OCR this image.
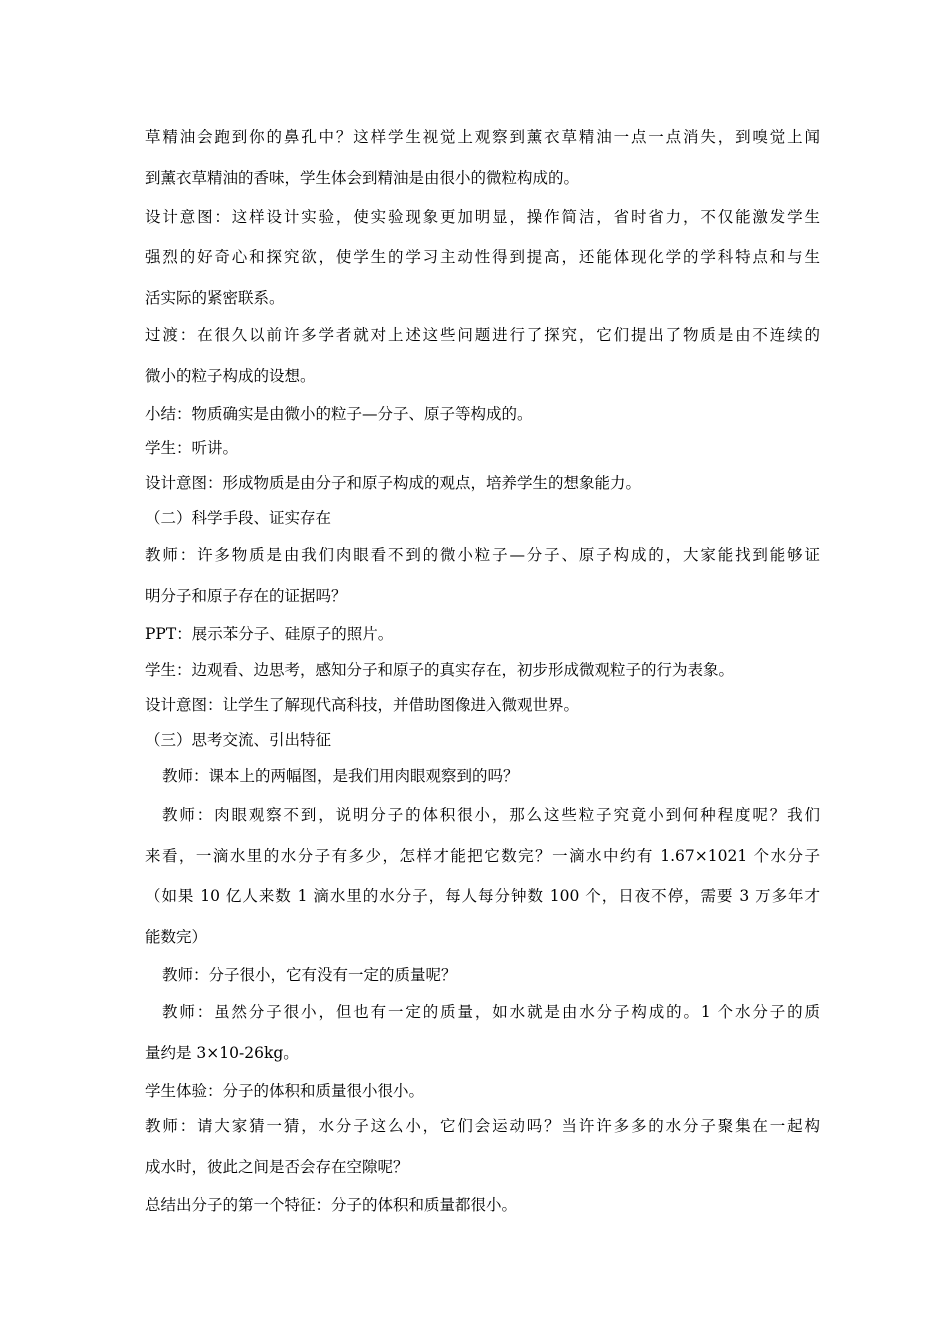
草精油会跑到你的鼻孔中？这样学生视觉上观察到薰衣草精油一点一点消失，到嗅觉上闻
到薰衣草精油的香味，学生体会到精油是由很小的微粒构成的。
设计意图：这样设计实验，使实验现象更加明显，操作简洁，省时省力，不仅能激发学生
强烈的好奇心和探究欲，使学生的学习主动性得到提高，还能体现化学的学科特点和与生
活实际的紧密联系。
过渡：在很久以前许多学者就对上述这些问题进行了探究，它们提出了物质是由不连续的
微小的粒子构成的设想。
小结：物质确实是由微小的粒子—分子、原子等构成的。
学生：听讲。
设计意图：形成物质是由分子和原子构成的观点，培养学生的想象能力。
（二）科学手段、证实存在
教师：许多物质是由我们肉眼看不到的微小粒子—分子、原子构成的，大家能找到能够证
明分子和原子存在的证据吗？
PPT：展示苯分子、硅原子的照片。
学生：边观看、边思考，感知分子和原子的真实存在，初步形成微观粒子的行为表象。
设计意图：让学生了解现代高科技，并借助图像进入微观世界。
（三）思考交流、引出特征
教师：课本上的两幅图，是我们用肉眼观察到的吗？
教师：肉眼观察不到，说明分子的体积很小，那么这些粒子究竟小到何种程度呢？我们
来看，一滴水里的水分子有多少，怎样才能把它数完？一滴水中约有 1.67×1021 个水分子
（如果 10 亿人来数 1 滴水里的水分子，每人每分钟数 100 个，日夜不停，需要 3 万多年才
能数完）
教师：分子很小，它有没有一定的质量呢？
教师：虽然分子很小，但也有一定的质量，如水就是由水分子构成的。1 个水分子的质
量约是 3×10-26kg。
学生体验：分子的体积和质量很小很小。
教师：请大家猜一猜，水分子这么小，它们会运动吗？当许许多多的水分子聚集在一起构
成水时，彼此之间是否会存在空隙呢？
总结出分子的第一个特征：分子的体积和质量都很小。
